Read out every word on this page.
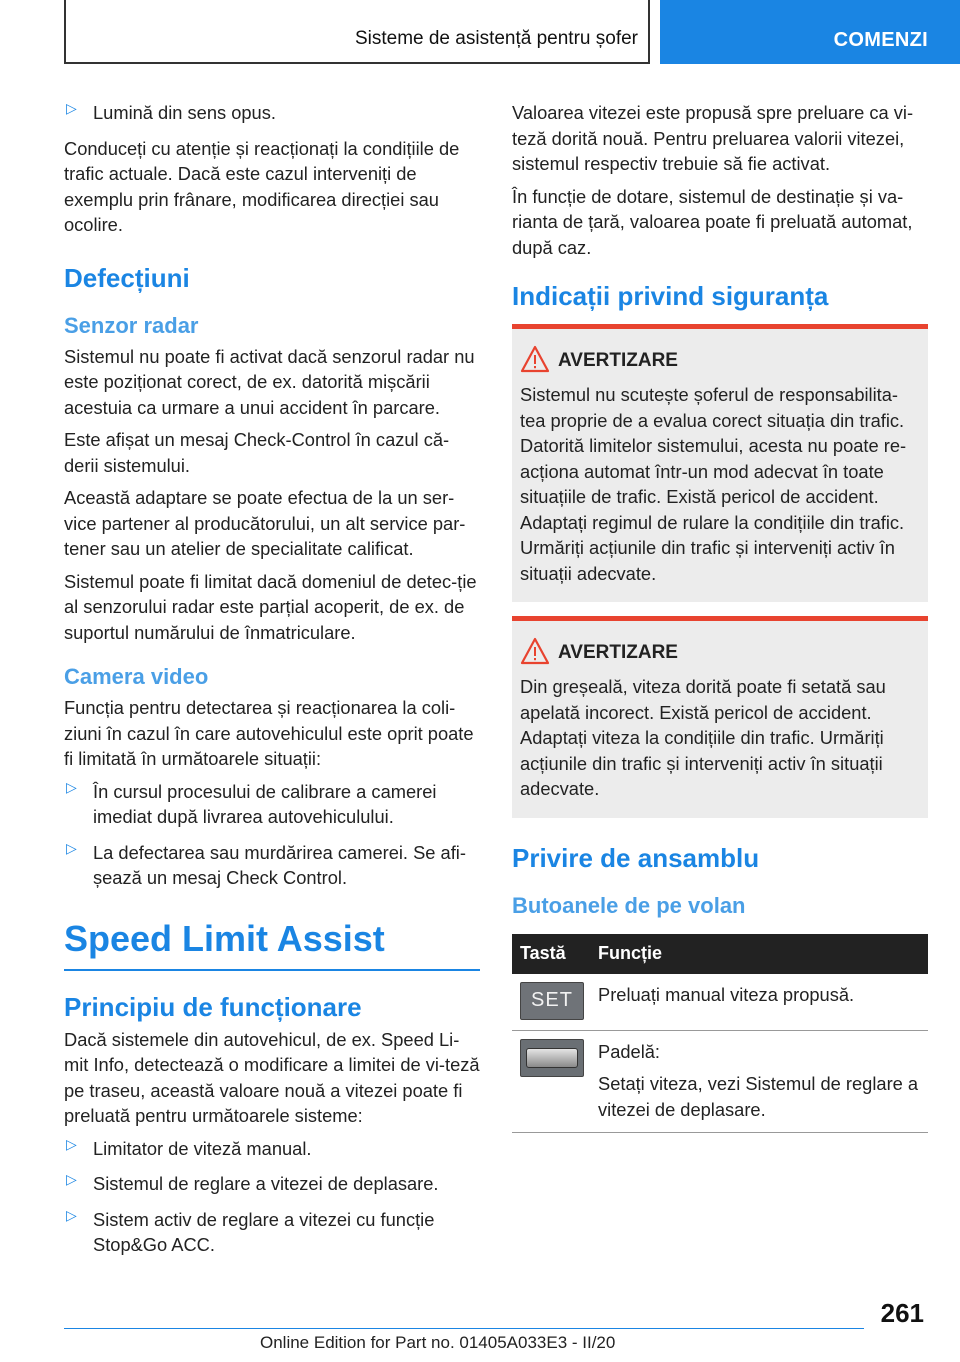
Sisteme de asistență pentru șofer	COMENZI
▷ Lumină din sens opus.

Conduceți cu atenție și reacționați la condițiile de trafic actuale. Dacă este cazul interveniți de exemplu prin frânare, modificarea direcției sau ocolire.

Defecțiuni
Senzor radar

Sistemul nu poate fi activat dacă senzorul radar nu este poziționat corect, de ex. datorită mișcării acestuia ca urmare a unui accident în parcare.

Este afișat un mesaj Check-Control în cazul că‐derii sistemului.

Această adaptare se poate efectua de la un ser‐vice partener al producătorului, un alt service par‐tener sau un atelier de specialitate calificat.

Sistemul poate fi limitat dacă domeniul de detec‐ție al senzorului radar este parțial acoperit, de ex. de suportul numărului de înmatriculare.

Camera video

Funcția pentru detectarea și reacționarea la coli‐ziuni în cazul în care autovehiculul este oprit poate fi limitată în următoarele situații:

▷ În cursul procesului de calibrare a camerei imediat după livrarea autovehiculului.

▷ La defectarea sau murdărirea camerei. Se afi‐șează un mesaj Check Control.

Speed Limit Assist
Principiu de funcționare

Dacă sistemele din autovehicul, de ex. Speed Li‐mit Info, detectează o modificare a limitei de vi‐teză pe traseu, această valoare nouă a vitezei poate fi preluată pentru următoarele sisteme:

▷ Limitator de viteză manual.

▷ Sistemul de reglare a vitezei de deplasare.

▷ Sistem activ de reglare a vitezei cu funcție Stop&Go ACC.

Valoarea vitezei este propusă spre preluare ca vi‐teză dorită nouă. Pentru preluarea valorii vitezei, sistemul respectiv trebuie să fie activat.

În funcție de dotare, sistemul de destinație și va‐rianta de țară, valoarea poate fi preluată automat, după caz.

Indicații privind siguranța
AVERTIZARE

Sistemul nu scutește șoferul de responsabilita‐tea proprie de a evalua corect situația din trafic. Datorită limitelor sistemului, acesta nu poate re‐acționa automat într-un mod adecvat în toate situațiile de trafic. Există pericol de accident. Adaptați regimul de rulare la condițiile din trafic. Urmăriți acțiunile din trafic și interveniți activ în situații adecvate.

AVERTIZARE

Din greșeală, viteza dorită poate fi setată sau apelată incorect. Există pericol de accident. Adaptați viteza la condițiile din trafic. Urmăriți acțiunile din trafic și interveniți activ în situații adecvate.

Privire de ansamblu
Butoanele de pe volan
Tastă	Funcție

SET	Preluați manual viteza propusă.

	Padelă:

Setați viteza, vezi Sistemul de reglare a vitezei de deplasare.

261
Online Edition for Part no. 01405A033E3 - II/20
